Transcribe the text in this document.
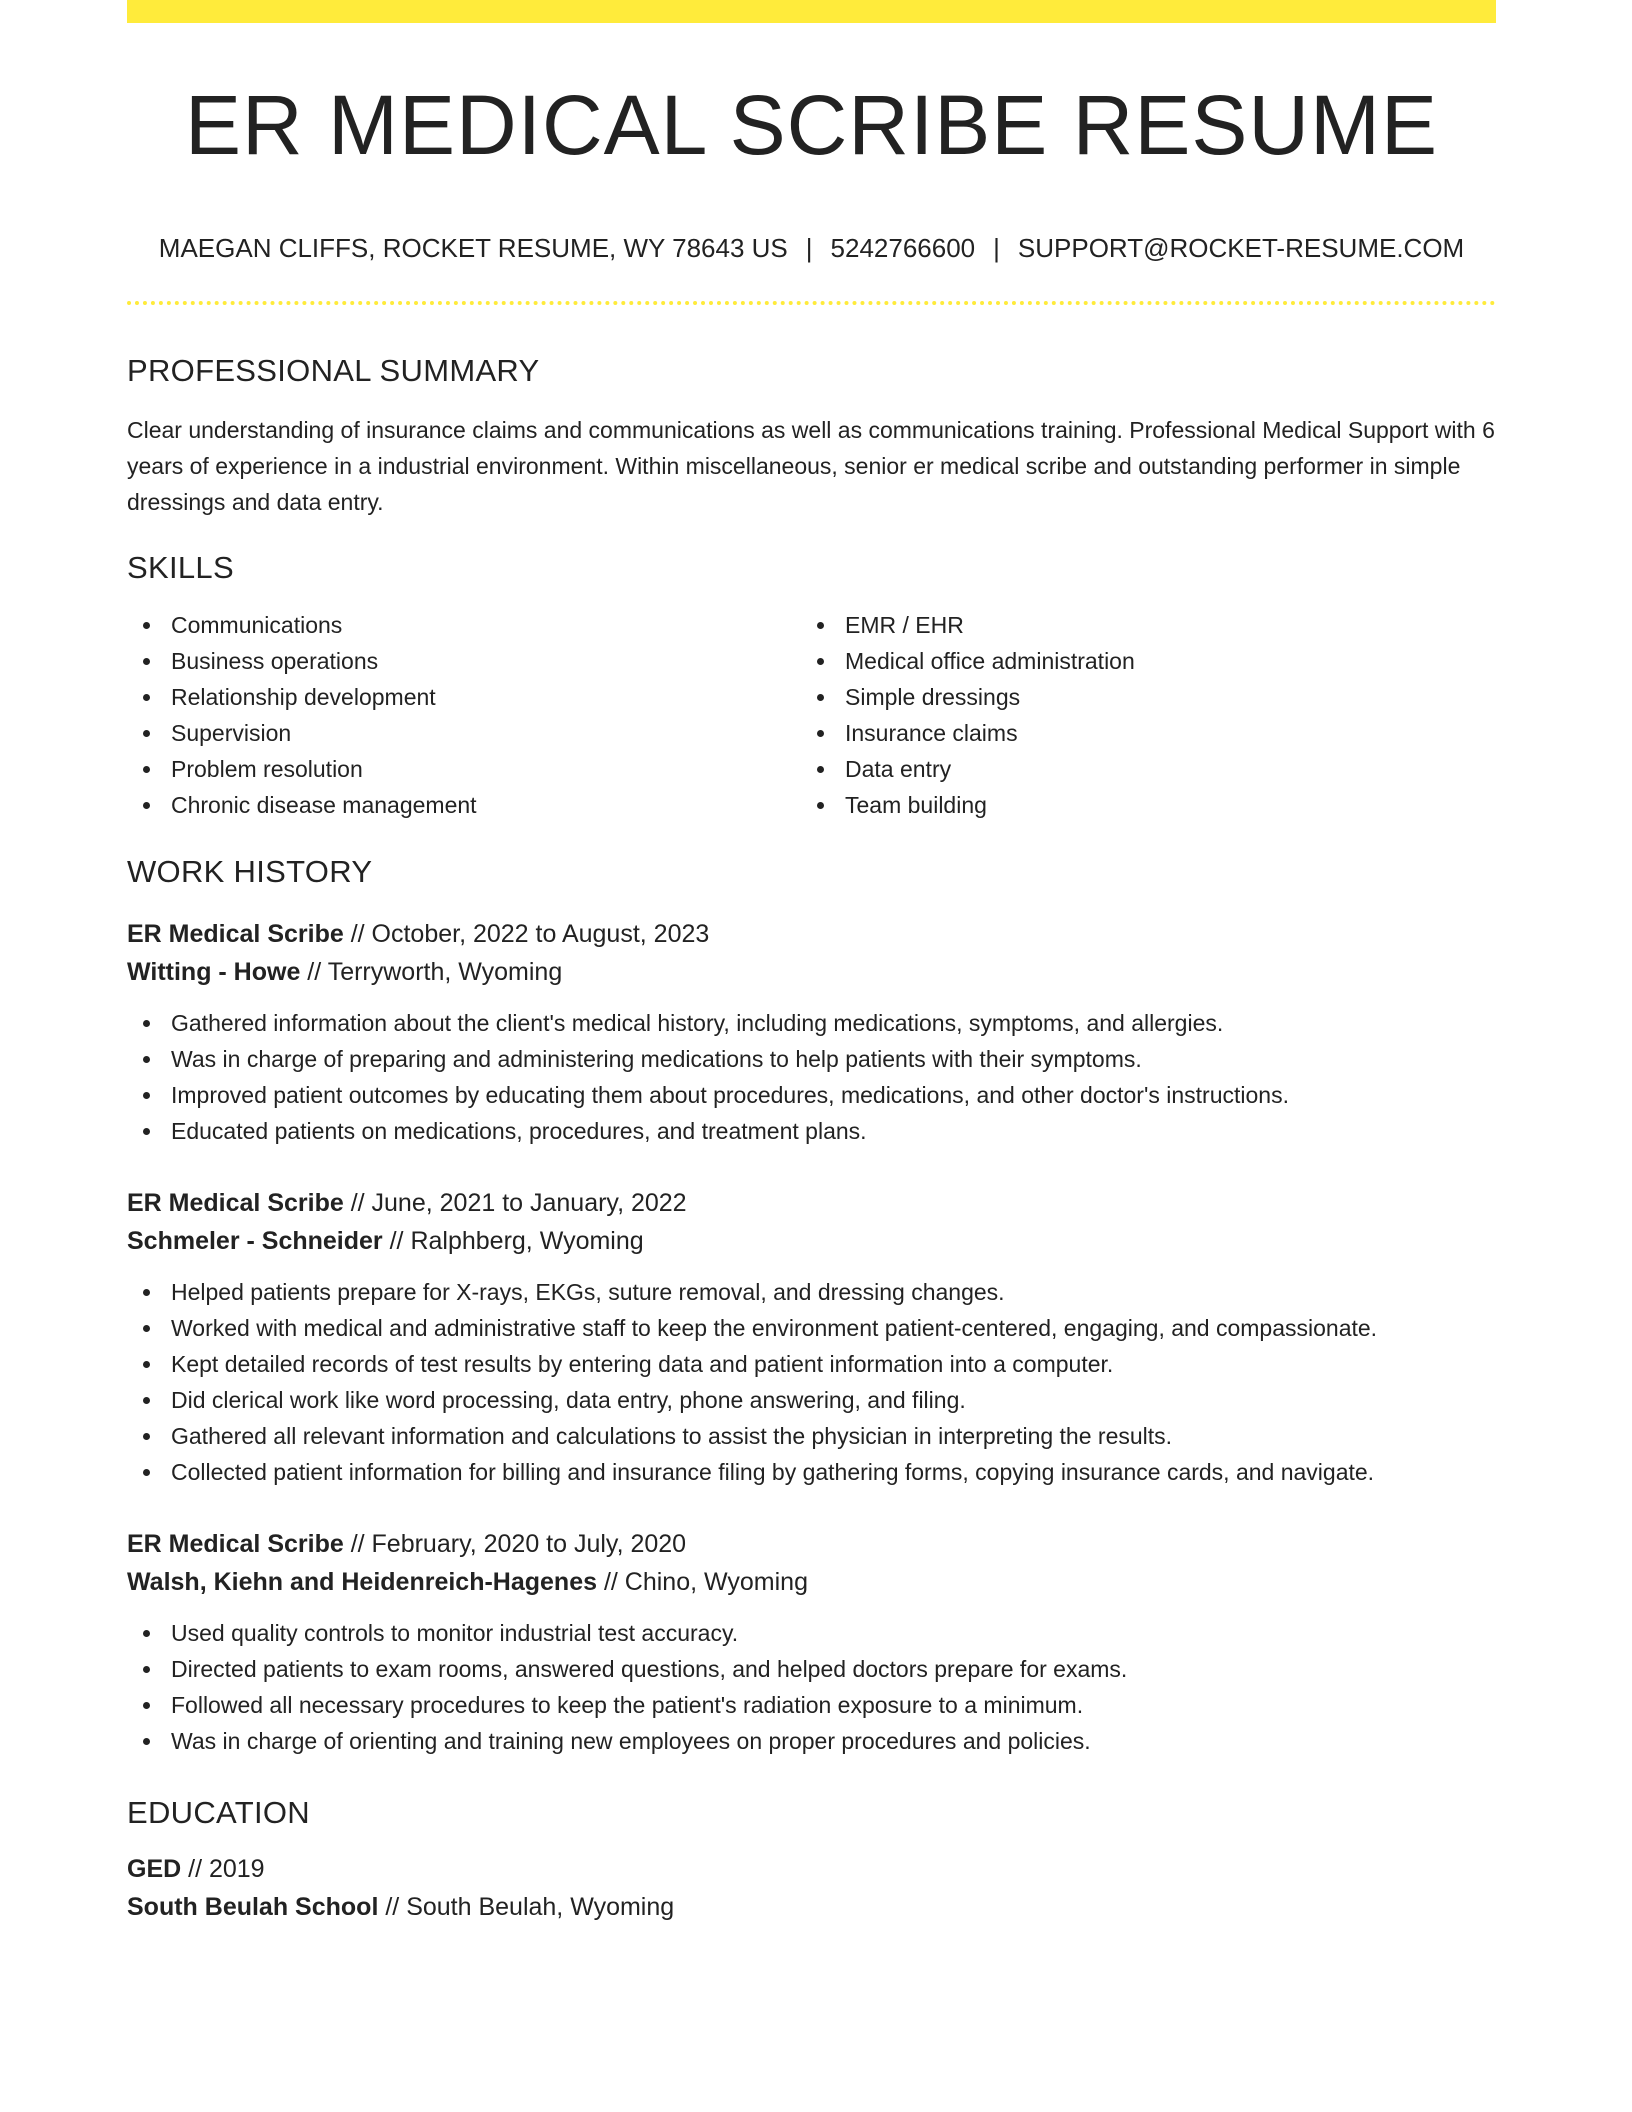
ER MEDICAL SCRIBE RESUME
MAEGAN CLIFFS, ROCKET RESUME, WY 78643 US | 5242766600 | SUPPORT@ROCKET-RESUME.COM
PROFESSIONAL SUMMARY

Clear understanding of insurance claims and communications as well as communications training. Professional Medical Support with 6 years of experience in a industrial environment. Within miscellaneous, senior er medical scribe and outstanding performer in simple dressings and data entry.

SKILLS
Communications
Business operations
Relationship development
Supervision
Problem resolution
Chronic disease management
EMR / EHR
Medical office administration
Simple dressings
Insurance claims
Data entry
Team building
WORK HISTORY
ER Medical Scribe // October, 2022 to August, 2023
Witting - Howe // Terryworth, Wyoming
Gathered information about the client's medical history, including medications, symptoms, and allergies.
Was in charge of preparing and administering medications to help patients with their symptoms.
Improved patient outcomes by educating them about procedures, medications, and other doctor's instructions.
Educated patients on medications, procedures, and treatment plans.
ER Medical Scribe // June, 2021 to January, 2022
Schmeler - Schneider // Ralphberg, Wyoming
Helped patients prepare for X-rays, EKGs, suture removal, and dressing changes.
Worked with medical and administrative staff to keep the environment patient-centered, engaging, and compassionate.
Kept detailed records of test results by entering data and patient information into a computer.
Did clerical work like word processing, data entry, phone answering, and filing.
Gathered all relevant information and calculations to assist the physician in interpreting the results.
Collected patient information for billing and insurance filing by gathering forms, copying insurance cards, and navigate.
ER Medical Scribe // February, 2020 to July, 2020
Walsh, Kiehn and Heidenreich-Hagenes // Chino, Wyoming
Used quality controls to monitor industrial test accuracy.
Directed patients to exam rooms, answered questions, and helped doctors prepare for exams.
Followed all necessary procedures to keep the patient's radiation exposure to a minimum.
Was in charge of orienting and training new employees on proper procedures and policies.
EDUCATION
GED // 2019
South Beulah School // South Beulah, Wyoming
